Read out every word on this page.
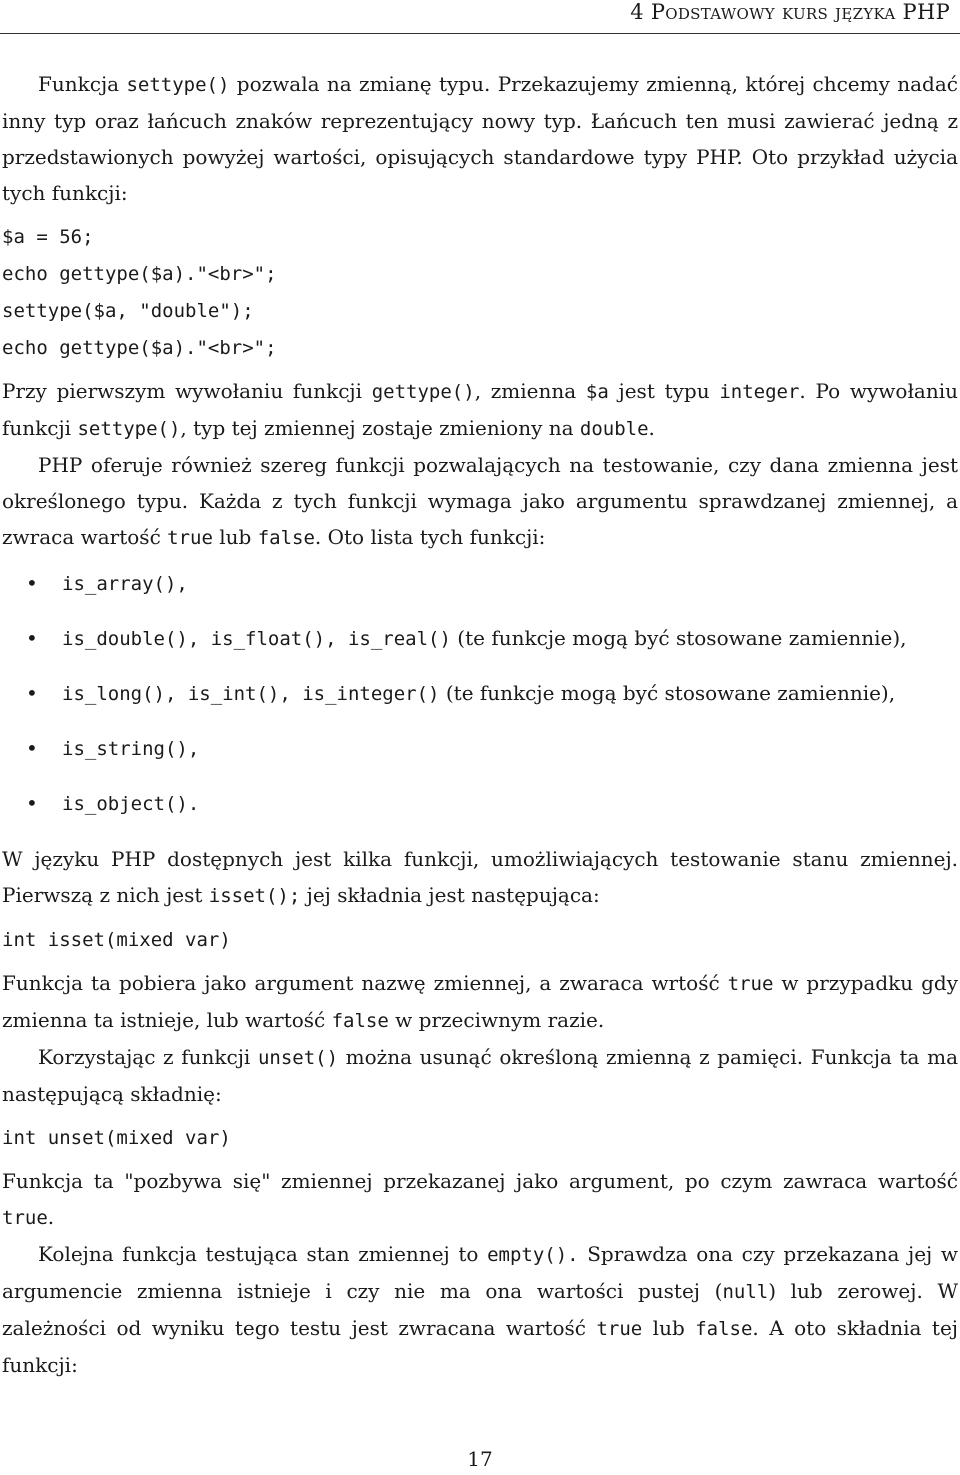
4 Podstawowy kurs języka PHP

Funkcja settype() pozwala na zmianę typu. Przekazujemy zmienną, której chcemy nadać inny typ oraz łańcuch znaków reprezentujący nowy typ. Łańcuch ten musi zawierać jedną z przedstawionych powyżej wartości, opisujących standardowe typy PHP. Oto przykład użycia tych funkcji:

$a = 56;
echo gettype($a)."<br>";
settype($a, "double");
echo gettype($a)."<br>";

Przy pierwszym wywołaniu funkcji gettype(), zmienna $a jest typu integer. Po wywołaniu funkcji settype(), typ tej zmiennej zostaje zmieniony na double.

PHP oferuje również szereg funkcji pozwalających na testowanie, czy dana zmienna jest określonego typu. Każda z tych funkcji wymaga jako argumentu sprawdzanej zmiennej, a zwraca wartość true lub false. Oto lista tych funkcji:

• is_array(),
• is_double(), is_float(), is_real() (te funkcje mogą być stosowane zamiennie),
• is_long(), is_int(), is_integer() (te funkcje mogą być stosowane zamiennie),
• is_string(),
• is_object().

W języku PHP dostępnych jest kilka funkcji, umożliwiających testowanie stanu zmiennej. Pierwszą z nich jest isset(); jej składnia jest następująca:

int isset(mixed var)

Funkcja ta pobiera jako argument nazwę zmiennej, a zwaraca wrtość true w przypadku gdy zmienna ta istnieje, lub wartość false w przeciwnym razie.

Korzystając z funkcji unset() można usunąć określoną zmienną z pamięci. Funkcja ta ma następującą składnię:

int unset(mixed var)

Funkcja ta "pozbywa się" zmiennej przekazanej jako argument, po czym zawraca wartość true.

Kolejna funkcja testująca stan zmiennej to empty(). Sprawdza ona czy przekazana jej w argumencie zmienna istnieje i czy nie ma ona wartości pustej (null) lub zerowej. W zależności od wyniku tego testu jest zwracana wartość true lub false. A oto składnia tej funkcji:

17
